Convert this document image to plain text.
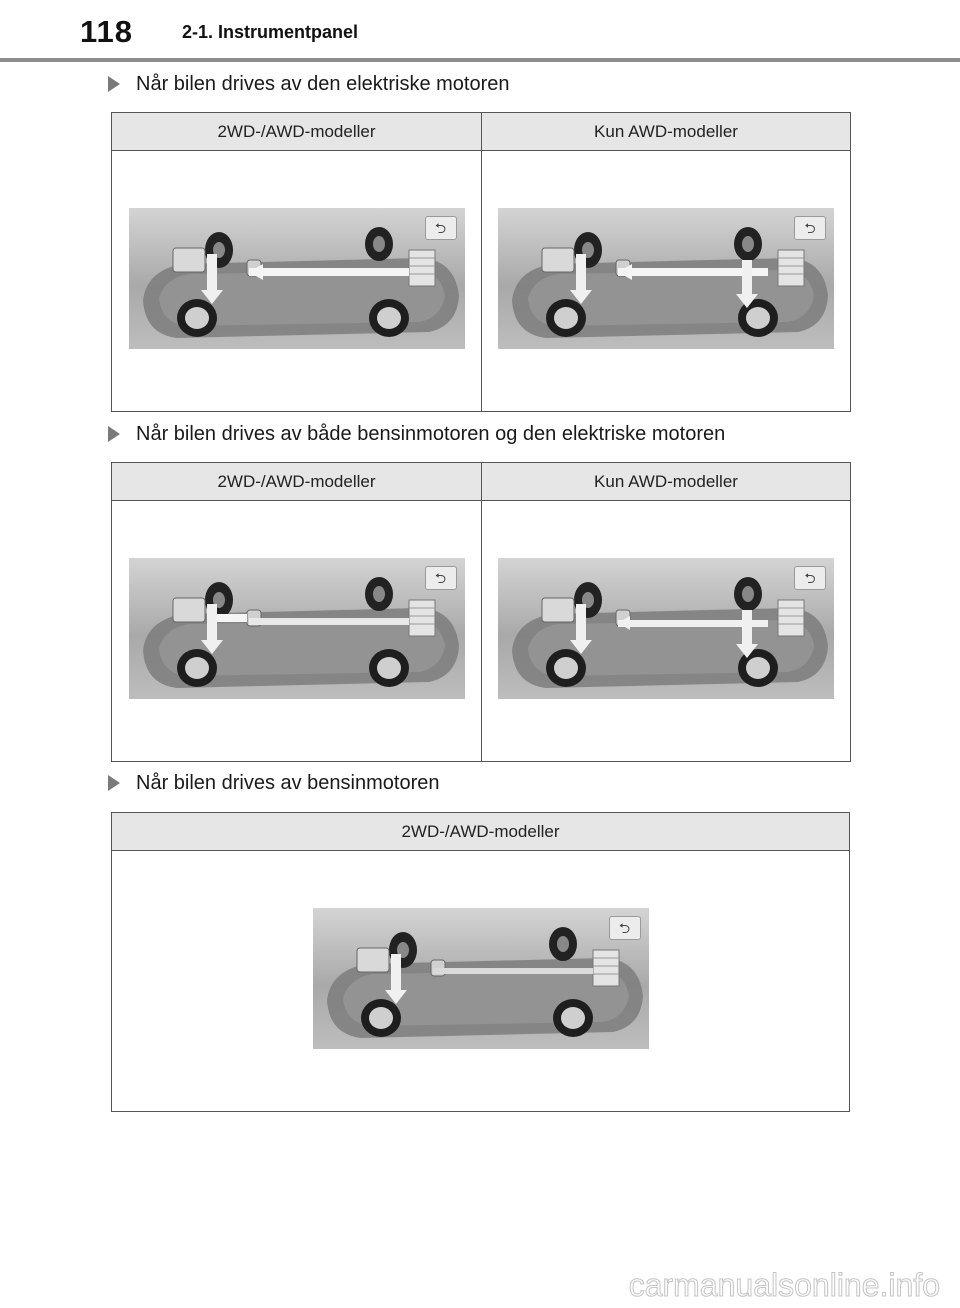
118	2-1. Instrumentpanel
Når bilen drives av den elektriske motoren
2WD-/AWD-modeller	Kun AWD-modeller

⮌	⮌
Når bilen drives av både bensinmotoren og den elektriske motoren
2WD-/AWD-modeller	Kun AWD-modeller

⮌	⮌
Når bilen drives av bensinmotoren
2WD-/AWD-modeller

⮌
carmanualsonline.info
